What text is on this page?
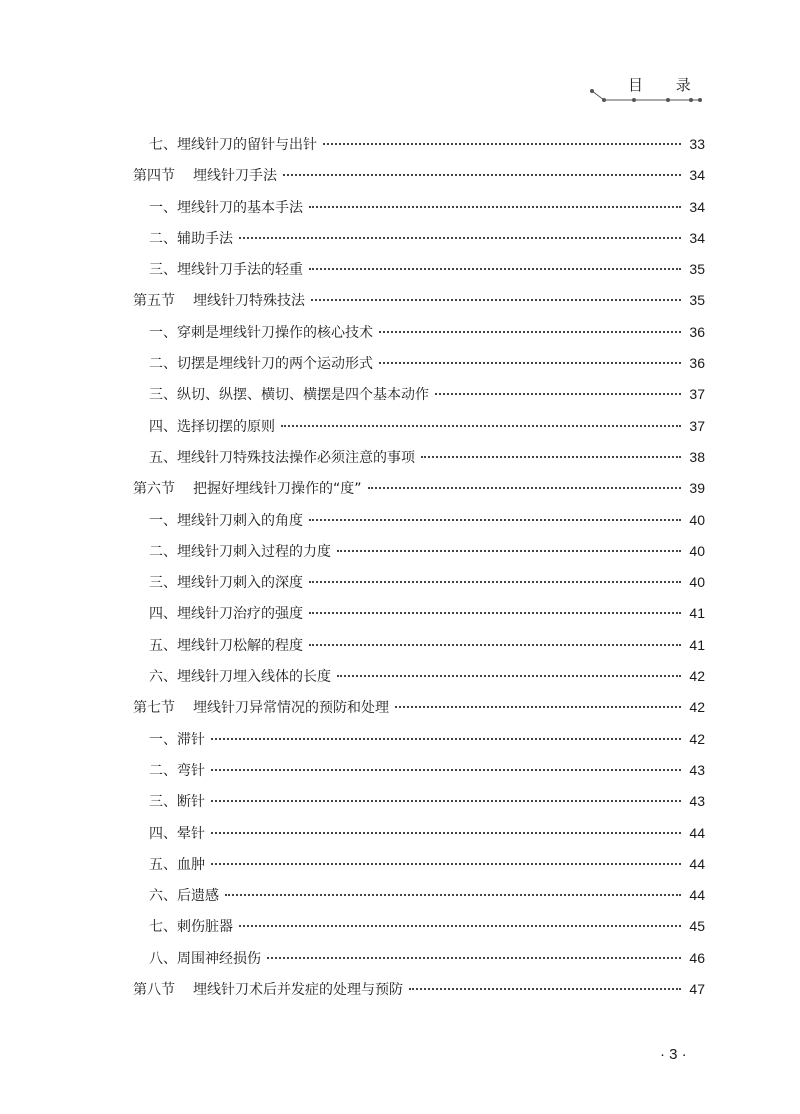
目 录
七、埋线针刀的留针与出针	33
第四节 埋线针刀手法	34
一、埋线针刀的基本手法	34
二、辅助手法	34
三、埋线针刀手法的轻重	35
第五节 埋线针刀特殊技法	35
一、穿刺是埋线针刀操作的核心技术	36
二、切摆是埋线针刀的两个运动形式	36
三、纵切、纵摆、横切、横摆是四个基本动作	37
四、选择切摆的原则	37
五、埋线针刀特殊技法操作必须注意的事项	38
第六节 把握好埋线针刀操作的“度”	39
一、埋线针刀刺入的角度	40
二、埋线针刀刺入过程的力度	40
三、埋线针刀刺入的深度	40
四、埋线针刀治疗的强度	41
五、埋线针刀松解的程度	41
六、埋线针刀埋入线体的长度	42
第七节 埋线针刀异常情况的预防和处理	42
一、滞针	42
二、弯针	43
三、断针	43
四、晕针	44
五、血肿	44
六、后遗感	44
七、刺伤脏器	45
八、周围神经损伤	46
第八节 埋线针刀术后并发症的处理与预防	47
· 3 ·
